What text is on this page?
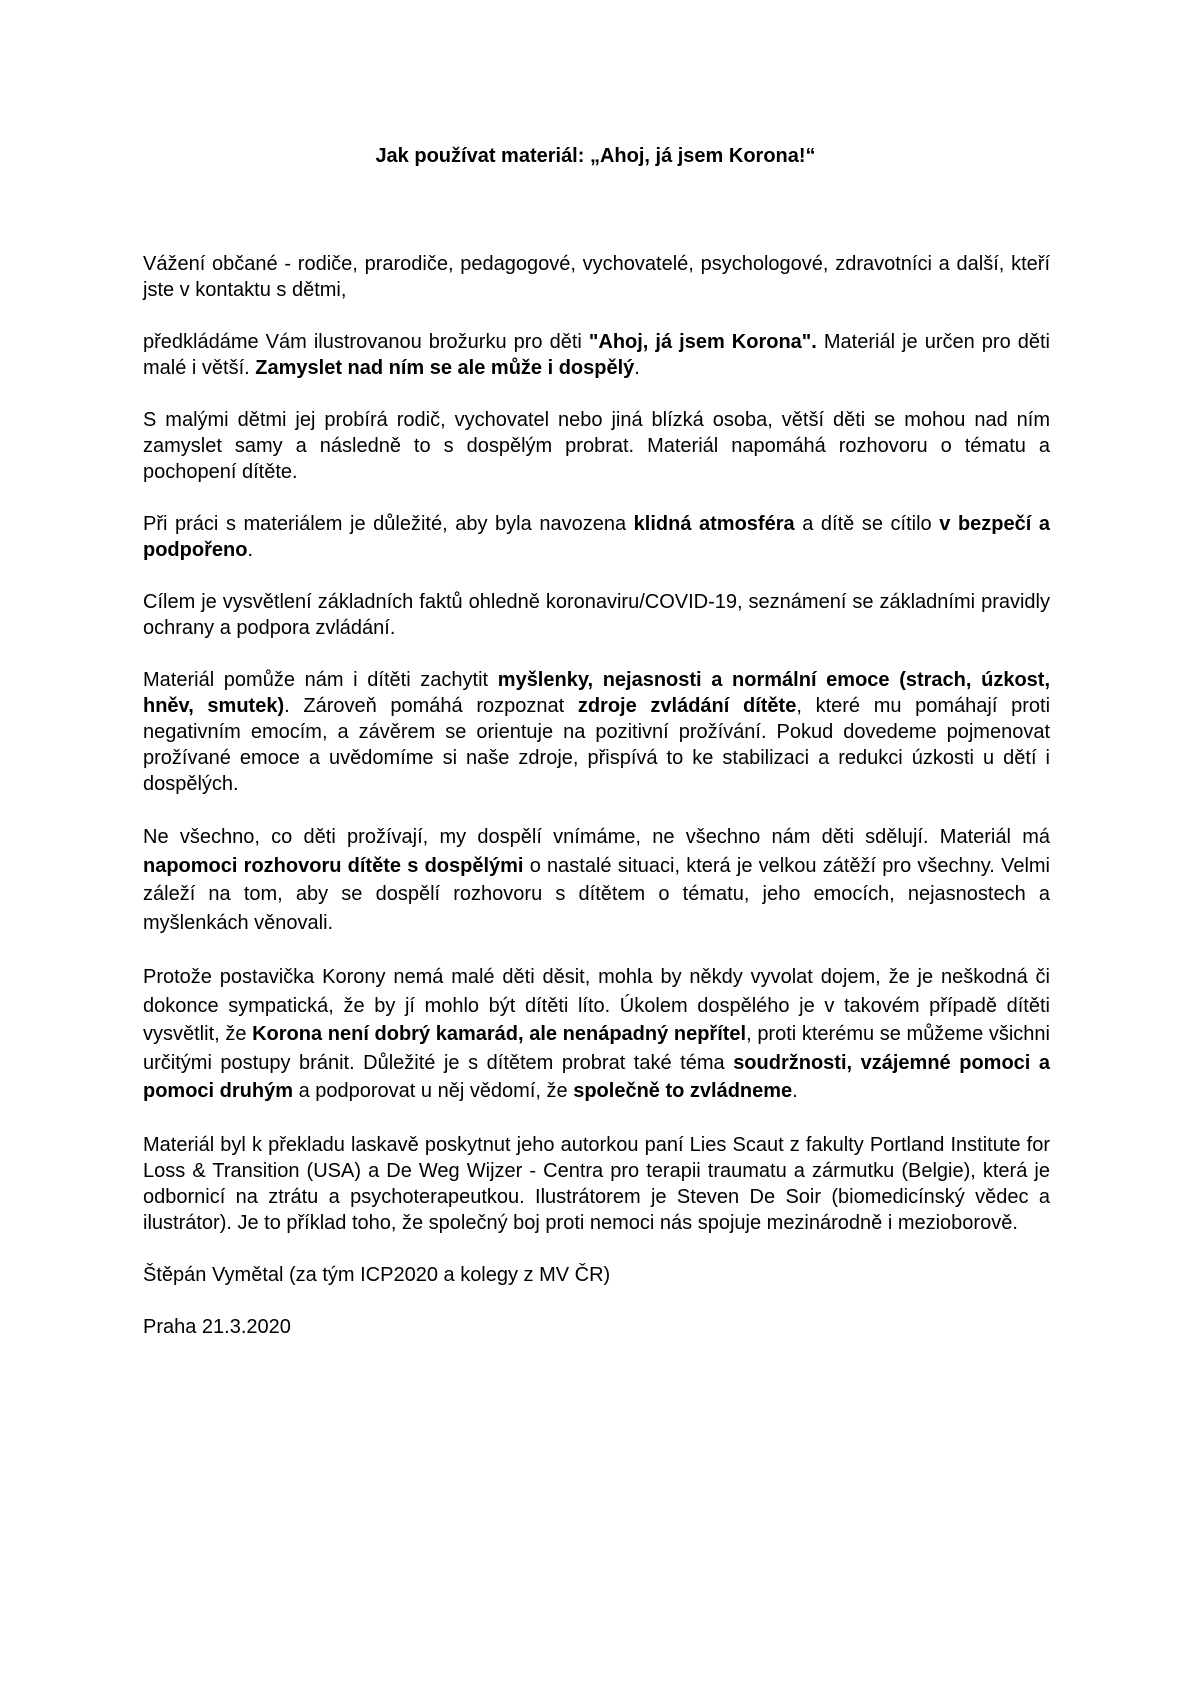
Jak používat materiál: „Ahoj, já jsem Korona!“

Vážení občané - rodiče, prarodiče, pedagogové, vychovatelé, psychologové, zdravotníci a další, kteří jste v kontaktu s dětmi,

předkládáme Vám ilustrovanou brožurku pro děti "Ahoj, já jsem Korona". Materiál je určen pro děti malé i větší. Zamyslet nad ním se ale může i dospělý.

S malými dětmi jej probírá rodič, vychovatel nebo jiná blízká osoba, větší děti se mohou nad ním zamyslet samy a následně to s dospělým probrat. Materiál napomáhá rozhovoru o tématu a pochopení dítěte.

Při práci s materiálem je důležité, aby byla navozena klidná atmosféra a dítě se cítilo v bezpečí a podpořeno.

Cílem je vysvětlení základních faktů ohledně koronaviru/COVID-19, seznámení se základními pravidly ochrany a podpora zvládání.

Materiál pomůže nám i dítěti zachytit myšlenky, nejasnosti a normální emoce (strach, úzkost, hněv, smutek). Zároveň pomáhá rozpoznat zdroje zvládání dítěte, které mu pomáhají proti negativním emocím, a závěrem se orientuje na pozitivní prožívání. Pokud dovedeme pojmenovat prožívané emoce a uvědomíme si naše zdroje, přispívá to ke stabilizaci a redukci úzkosti u dětí i dospělých.

Ne všechno, co děti prožívají, my dospělí vnímáme, ne všechno nám děti sdělují. Materiál má napomoci rozhovoru dítěte s dospělými o nastalé situaci, která je velkou zátěží pro všechny. Velmi záleží na tom, aby se dospělí rozhovoru s dítětem o tématu, jeho emocích, nejasnostech a myšlenkách věnovali.

Protože postavička Korony nemá malé děti děsit, mohla by někdy vyvolat dojem, že je neškodná či dokonce sympatická, že by jí mohlo být dítěti líto. Úkolem dospělého je v takovém případě dítěti vysvětlit, že Korona není dobrý kamarád, ale nenápadný nepřítel, proti kterému se můžeme všichni určitými postupy bránit. Důležité je s dítětem probrat také téma soudržnosti, vzájemné pomoci a pomoci druhým a podporovat u něj vědomí, že společně to zvládneme.

Materiál byl k překladu laskavě poskytnut jeho autorkou paní Lies Scaut z fakulty Portland Institute for Loss & Transition (USA) a De Weg Wijzer - Centra pro terapii traumatu a zármutku (Belgie), která je odbornicí na ztrátu a psychoterapeutkou. Ilustrátorem je Steven De Soir (biomedicínský vědec a ilustrátor). Je to příklad toho, že společný boj proti nemoci nás spojuje mezinárodně i mezioborově.

Štěpán Vymětal (za tým ICP2020 a kolegy z MV ČR)

Praha 21.3.2020
